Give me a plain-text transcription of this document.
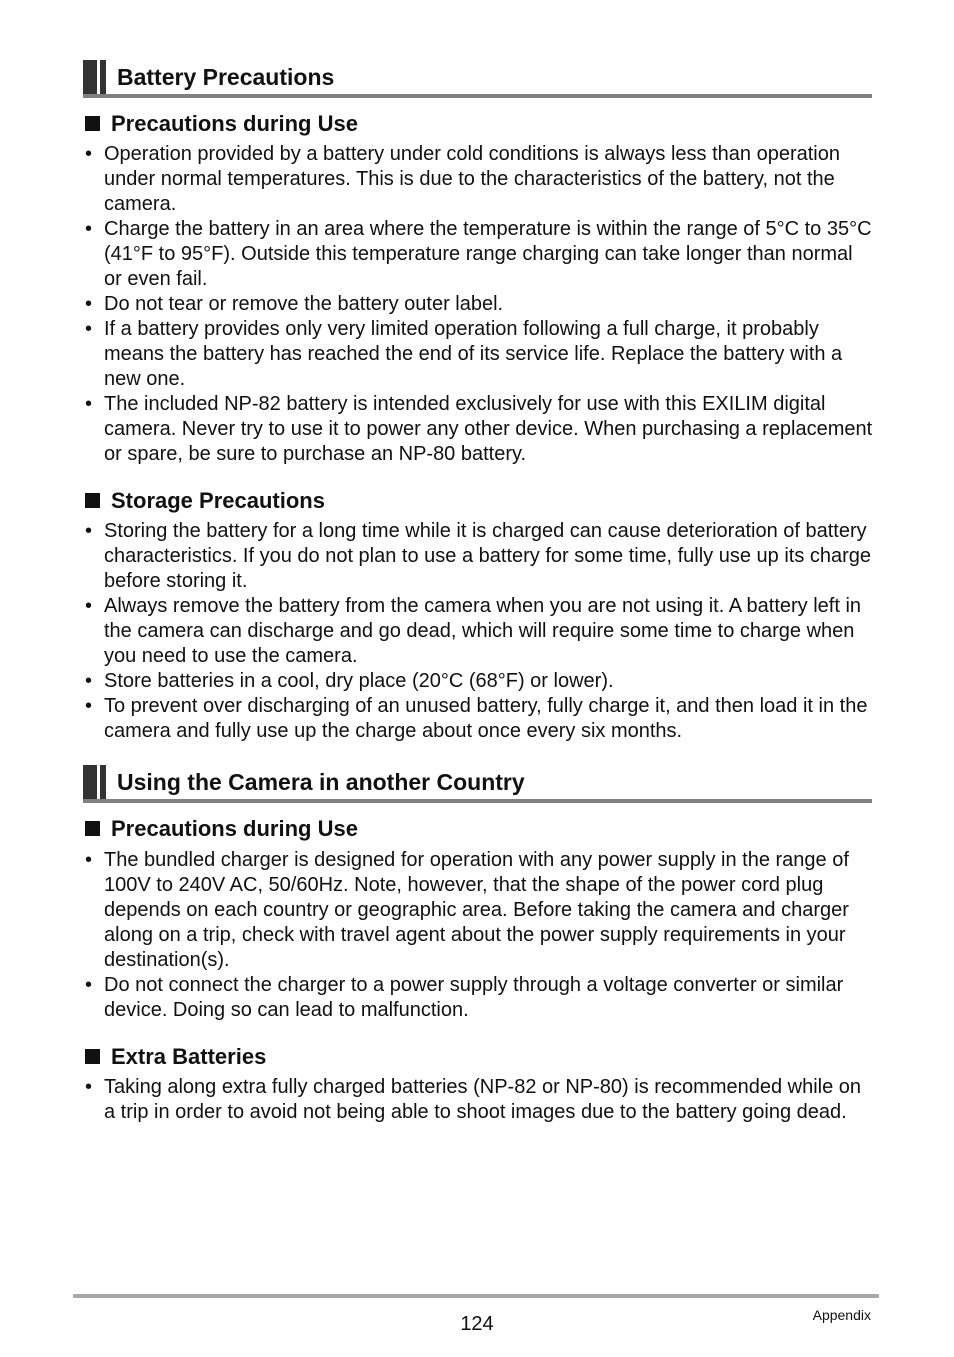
Battery Precautions
Precautions during Use
• Operation provided by a battery under cold conditions is always less than operation under normal temperatures. This is due to the characteristics of the battery, not the camera.
• Charge the battery in an area where the temperature is within the range of 5°C to 35°C (41°F to 95°F). Outside this temperature range charging can take longer than normal or even fail.
• Do not tear or remove the battery outer label.
• If a battery provides only very limited operation following a full charge, it probably means the battery has reached the end of its service life. Replace the battery with a new one.
• The included NP-82 battery is intended exclusively for use with this EXILIM digital camera. Never try to use it to power any other device. When purchasing a replacement or spare, be sure to purchase an NP-80 battery.
Storage Precautions
• Storing the battery for a long time while it is charged can cause deterioration of battery characteristics. If you do not plan to use a battery for some time, fully use up its charge before storing it.
• Always remove the battery from the camera when you are not using it. A battery left in the camera can discharge and go dead, which will require some time to charge when you need to use the camera.
• Store batteries in a cool, dry place (20°C (68°F) or lower).
• To prevent over discharging of an unused battery, fully charge it, and then load it in the camera and fully use up the charge about once every six months.
Using the Camera in another Country
Precautions during Use
• The bundled charger is designed for operation with any power supply in the range of 100V to 240V AC, 50/60Hz. Note, however, that the shape of the power cord plug depends on each country or geographic area. Before taking the camera and charger along on a trip, check with travel agent about the power supply requirements in your destination(s).
• Do not connect the charger to a power supply through a voltage converter or similar device. Doing so can lead to malfunction.
Extra Batteries
• Taking along extra fully charged batteries (NP-82 or NP-80) is recommended while on a trip in order to avoid not being able to shoot images due to the battery going dead.
124	Appendix
